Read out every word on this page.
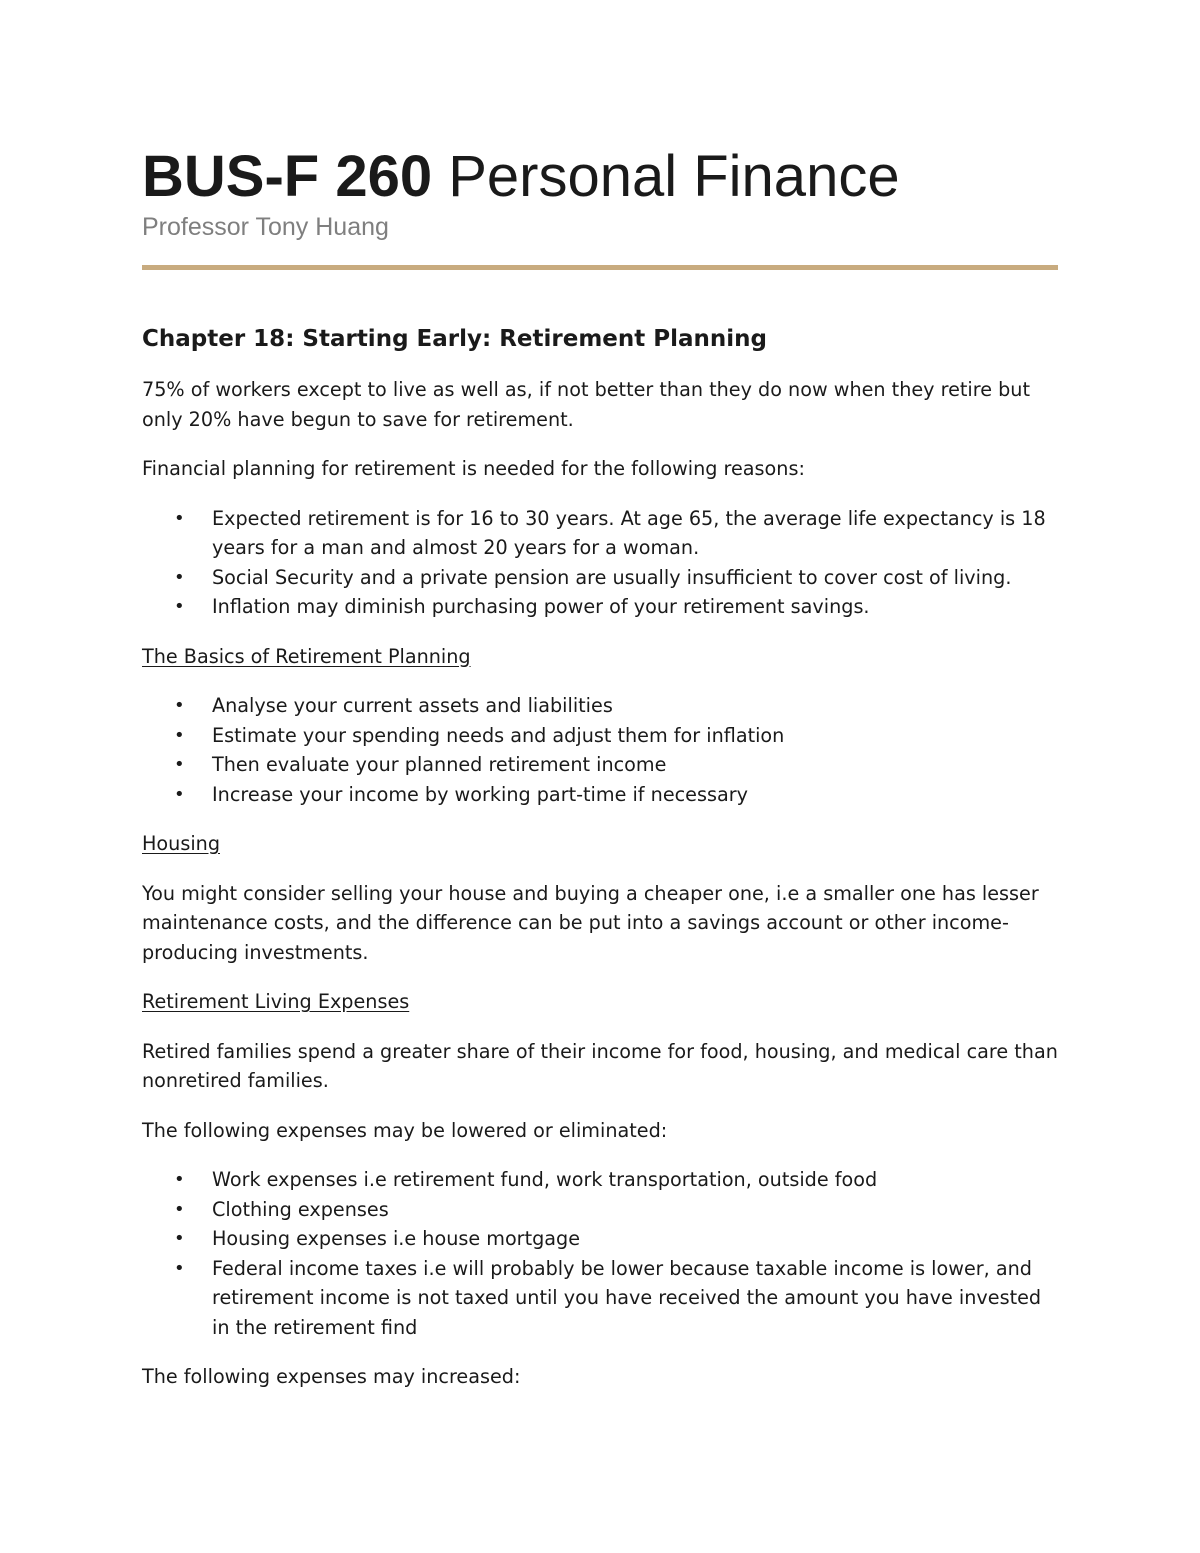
BUS-F 260 Personal Finance
Professor Tony Huang
Chapter 18: Starting Early: Retirement Planning

75% of workers except to live as well as, if not better than they do now when they retire but only 20% have begun to save for retirement.

Financial planning for retirement is needed for the following reasons:

• Expected retirement is for 16 to 30 years. At age 65, the average life expectancy is 18 years for a man and almost 20 years for a woman.
• Social Security and a private pension are usually insufficient to cover cost of living.
• Inflation may diminish purchasing power of your retirement savings.

The Basics of Retirement Planning

• Analyse your current assets and liabilities
• Estimate your spending needs and adjust them for inflation
• Then evaluate your planned retirement income
• Increase your income by working part-time if necessary

Housing

You might consider selling your house and buying a cheaper one, i.e a smaller one has lesser maintenance costs, and the difference can be put into a savings account or other income-producing investments.

Retirement Living Expenses

Retired families spend a greater share of their income for food, housing, and medical care than nonretired families.

The following expenses may be lowered or eliminated:

• Work expenses i.e retirement fund, work transportation, outside food
• Clothing expenses
• Housing expenses i.e house mortgage
• Federal income taxes i.e will probably be lower because taxable income is lower, and retirement income is not taxed until you have received the amount you have invested in the retirement find

The following expenses may increased:
